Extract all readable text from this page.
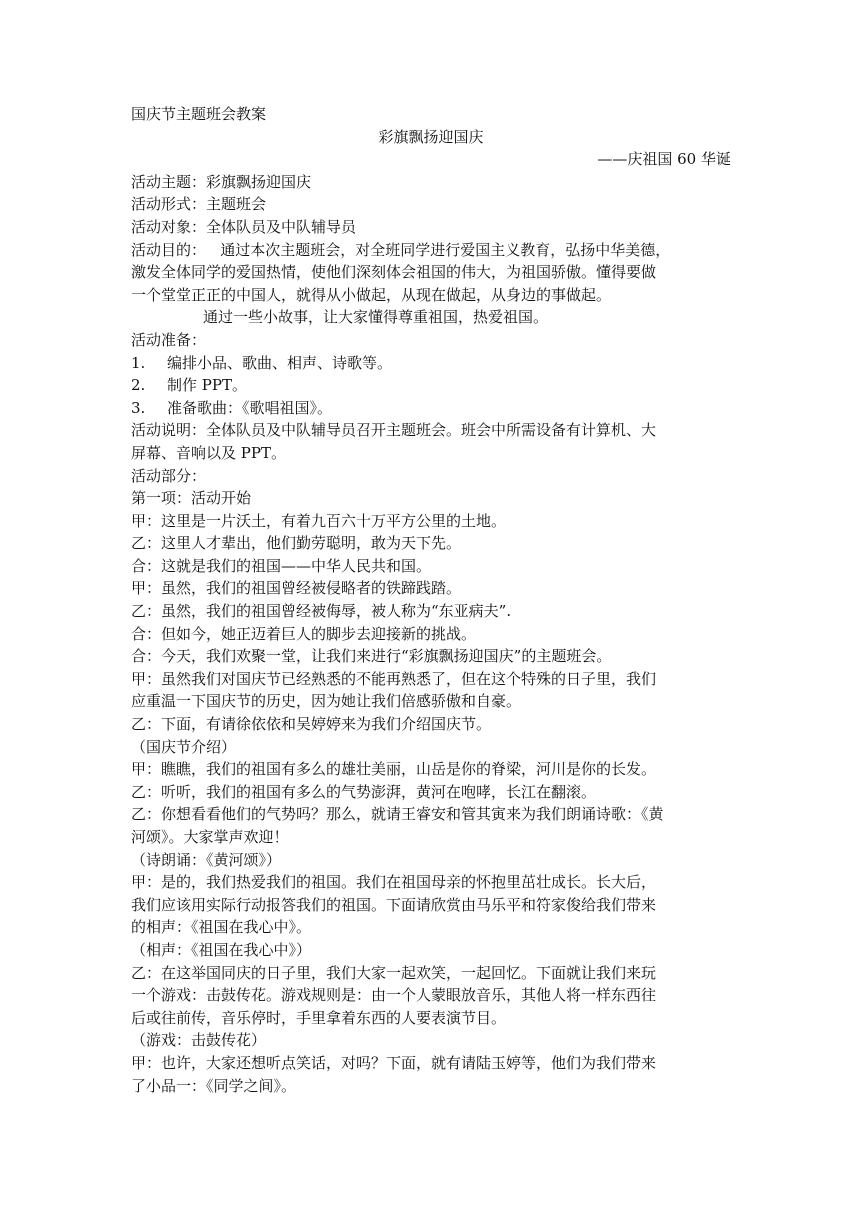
国庆节主题班会教案
彩旗飘扬迎国庆
——庆祖国 60 华诞
活动主题：彩旗飘扬迎国庆
活动形式：主题班会
活动对象：全体队员及中队辅导员
活动目的：   通过本次主题班会，对全班同学进行爱国主义教育，弘扬中华美德，
激发全体同学的爱国热情，使他们深刻体会祖国的伟大，为祖国骄傲。懂得要做
一个堂堂正正的中国人，就得从小做起，从现在做起，从身边的事做起。
通过一些小故事，让大家懂得尊重祖国，热爱祖国。
活动准备：
1. 编排小品、歌曲、相声、诗歌等。
2. 制作 PPT。
3. 准备歌曲：《歌唱祖国》。
活动说明：全体队员及中队辅导员召开主题班会。班会中所需设备有计算机、大
屏幕、音响以及 PPT。
活动部分：
第一项：活动开始
甲：这里是一片沃土，有着九百六十万平方公里的土地。
乙：这里人才辈出，他们勤劳聪明，敢为天下先。
合：这就是我们的祖国——中华人民共和国。
甲：虽然，我们的祖国曾经被侵略者的铁蹄践踏。
乙：虽然，我们的祖国曾经被侮辱，被人称为“东亚病夫”.
合：但如今，她正迈着巨人的脚步去迎接新的挑战。
合：今天，我们欢聚一堂，让我们来进行“彩旗飘扬迎国庆”的主题班会。
甲：虽然我们对国庆节已经熟悉的不能再熟悉了，但在这个特殊的日子里，我们
应重温一下国庆节的历史，因为她让我们倍感骄傲和自豪。
乙：下面，有请徐依依和吴婷婷来为我们介绍国庆节。
（国庆节介绍）
甲：瞧瞧，我们的祖国有多么的雄壮美丽，山岳是你的脊梁，河川是你的长发。
乙：听听，我们的祖国有多么的气势澎湃，黄河在咆哮，长江在翻滚。
乙：你想看看他们的气势吗？那么，就请王睿安和管其寅来为我们朗诵诗歌：《黄
河颂》。大家掌声欢迎！
（诗朗诵：《黄河颂》）
甲：是的，我们热爱我们的祖国。我们在祖国母亲的怀抱里茁壮成长。长大后，
我们应该用实际行动报答我们的祖国。下面请欣赏由马乐平和符家俊给我们带来
的相声：《祖国在我心中》。
（相声：《祖国在我心中》）
乙：在这举国同庆的日子里，我们大家一起欢笑，一起回忆。下面就让我们来玩
一个游戏：击鼓传花。游戏规则是：由一个人蒙眼放音乐，其他人将一样东西往
后或往前传，音乐停时，手里拿着东西的人要表演节目。
（游戏：击鼓传花）
甲：也许，大家还想听点笑话，对吗？下面，就有请陆玉婷等，他们为我们带来
了小品一：《同学之间》。
